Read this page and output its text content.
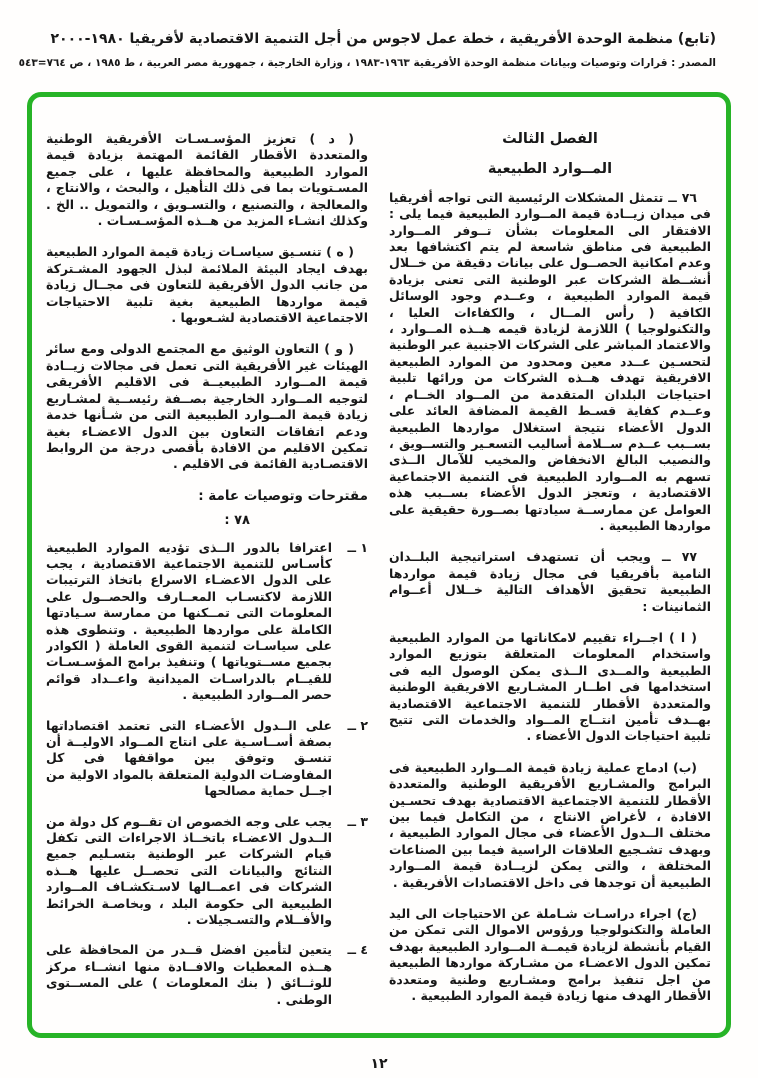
(تابع) منظمة الوحدة الأفريقية ، خطة عمل لاجوس من أجل التنمية الاقتصادية لأفريقيا ١٩٨٠-٢٠٠٠
المصدر : قرارات وتوصيات وبيانات منظمة الوحدة الأفريقية ١٩٦٣-١٩٨٣ ، وزارة الخارجية ، جمهورية مصر العربية ، ط ١٩٨٥ ، ص ٧٦٤=٥٤٣
الفصل الثالث
المــوارد الطبيعية

٧٦ ــ تتمثل المشكلات الرئيسية التى تواجه أفريقيا فى ميدان زيــادة قيمة المــوارد الطبيعية فيما يلى : الافتقار الى المعلومات بشأن تــوفر المــوارد الطبيعية فى مناطق شاسعة لم يتم اكتشافها بعد وعدم امكانية الحصــول على بيانات دقيقة من خــلال أنشــطة الشركات عبر الوطنية التى تعنى بزيادة قيمة الموارد الطبيعية ، وعــدم وجود الوسائل الكافية ( رأس المــال ، والكفاءات العليا ، والتكنولوجيا ) اللازمة لزيادة قيمه هــذه المــوارد ، والاعتماد المباشر على الشركات الاجنبية عبر الوطنية لتحسـين عــدد معين ومحدود من الموارد الطبيعية الافريقية تهدف هــذه الشركات من ورائها تلبية احتياجات البلدان المتقدمة من المــواد الخــام ، وعــدم كفاية قسـط القيمة المضافة العائد على الدول الأعضاء نتيجة استغلال مواردها الطبيعية بســبب عــدم ســلامة أساليب التسعـير والتســويق ، والنصيب البالغ الانخفاض والمخيب للآمال الــذى تسهم به المــوارد الطبيعية فى التنمية الاجتماعية الاقتصادية ، وتعجز الدول الأعضاء بســبب هذه العوامل عن ممارســة سيادتها بصــورة حقيقية على مواردها الطبيعية .

٧٧ ــ ويجب أن تستهدف استراتيجية البلــدان النامية بأفريقيا فى مجال زيادة قيمة مواردها الطبيعية تحقيق الأهداف التالية خــلال أعــوام الثمانينات :

( ا ) اجــراء تقييم لامكاناتها من الموارد الطبيعية واستخدام المعلومات المتعلقة بتوزيع الموارد الطبيعية والمــدى الــذى يمكن الوصول اليه فى استخدامها فى اطــار المشـاريع الافريقية الوطنية والمتعددة الأقطار للتنمية الاجتماعية الاقتصادية بهــدف تأمين انتــاج المــواد والخدمات التى تتيح تلبية احتياجات الدول الأعضاء .

(ب) ادماج عملية زيادة قيمة المــوارد الطبيعية فى البرامج والمشـاريع الأفريقية الوطنية والمتعددة الأقطار للتنمية الاجتماعية الاقتصادية بهدف تحسـين الافادة ، لأغراض الانتاج ، من التكامل فيما بين مختلف الــدول الأعضاء فى مجال الموارد الطبيعية ، وبهدف تشـجيع العلاقات الراسية فيما بين الصناعات المختلفة ، والتى يمكن لزيــادة قيمة المــوارد الطبيعية أن توجدها فى داخل الاقتصادات الأفريقية .

(ج) اجراء دراسـات شـاملة عن الاحتياجات الى اليد العاملة والتكنولوجيا ورؤوس الاموال التى تمكن من القيام بأنشطة لزيادة قيمــة المــوارد الطبيعية بهدف تمكين الدول الاعضـاء من مشـاركة مواردها الطبيعية من اجل تنفيذ برامج ومشـاريع وطنية ومتعددة الأقطار الهدف منها زيادة قيمة الموارد الطبيعية .

( د ) تعزيز المؤسـسـات الأفريقية الوطنية والمتعددة الأقطار القائمة المهتمة بزيادة قيمة الموارد الطبيعية والمحافظة عليها ، على جميع المسـتويات بما فى ذلك التأهيل ، والبحث ، والانتاج ، والمعالجة ، والتصنيع ، والتسـويق ، والتمويل .. الخ . وكذلك انشـاء المزيد من هــذه المؤسـسـات .

( ه ) تنسـيق سياسـات زيادة قيمة الموارد الطبيعية بهدف ايجاد البيئة الملائمة لبذل الجهود المشـتركة من جانب الدول الأفريقية للتعاون فى مجــال زيادة قيمة مواردها الطبيعية بغية تلبية الاحتياجات الاجتماعية الاقتصادية لشـعوبها .

( و ) التعاون الوثيق مع المجتمع الدولى ومع سائر الهيئات غير الأفريقية التى تعمل فى مجالات زيــادة قيمة المــوارد الطبيعيــة فى الاقليم الأفريقى لتوجيه المــوارد الخارجية بصــفة رئيســية لمشـاريع زيادة قيمة المــوارد الطبيعية التى من شـأنها خدمة ودعم اتفاقات التعاون بين الدول الاعضـاء بغية تمكين الاقليم من الافادة بأقصى درجة من الروابط الاقتصـادية القائمة فى الاقليم .

مقترحات وتوصيات عامة :
٧٨ :
١ ــ
اعترافا بالدور الــذى تؤديه الموارد الطبيعية كأسـاس للتنمية الاجتماعية الاقتصادية ، يجب على الدول الاعضـاء الاسراع باتخاذ الترتيبات اللازمة لاكتسـاب المعــارف والحصــول على المعلومات التى تمــكنها من ممارسة سـيادتها الكاملة على مواردها الطبيعية . وتنطوى هذه على سياسـات لتنمية القوى العاملة ( الكوادر بجميع مســتوياتها ) وتنفيذ برامج المؤسـسـات للقيــام بالدراسـات الميدانية واعــداد قوائم حصر المــوارد الطبيعية .
٢ ــ
على الــدول الأعضـاء التى تعتمد اقتصاداتها بصفة أســاسـية على انتاج المــواد الاوليــة أن تنسـق وتوفق بين مواقفها فى كل المفاوضـات الدولية المتعلقة بالمواد الاولية من اجــل حماية مصالحها
٣ ــ
يجب على وجه الخصوص ان تقــوم كل دولة من الــدول الاعضـاء باتخــاذ الاجراءات التى تكفل قيام الشركات عبر الوطنية بتسـليم جميع النتائج والبيانات التى تحصــل عليها هــذه الشركات فى اعمــالها لاسـتكشـاف المــوارد الطبيعية الى حكومة البلد ، وبخاصـة الخرائط والأفــلام والتسـجيلات .
٤ ــ
يتعين لتأمين افضل قــدر من المحافظة على هــذه المعطيات والافــادة منها انشــاء مركز للوثــائق ( بنك المعلومات ) على المســتوى الوطنى .
١٢
